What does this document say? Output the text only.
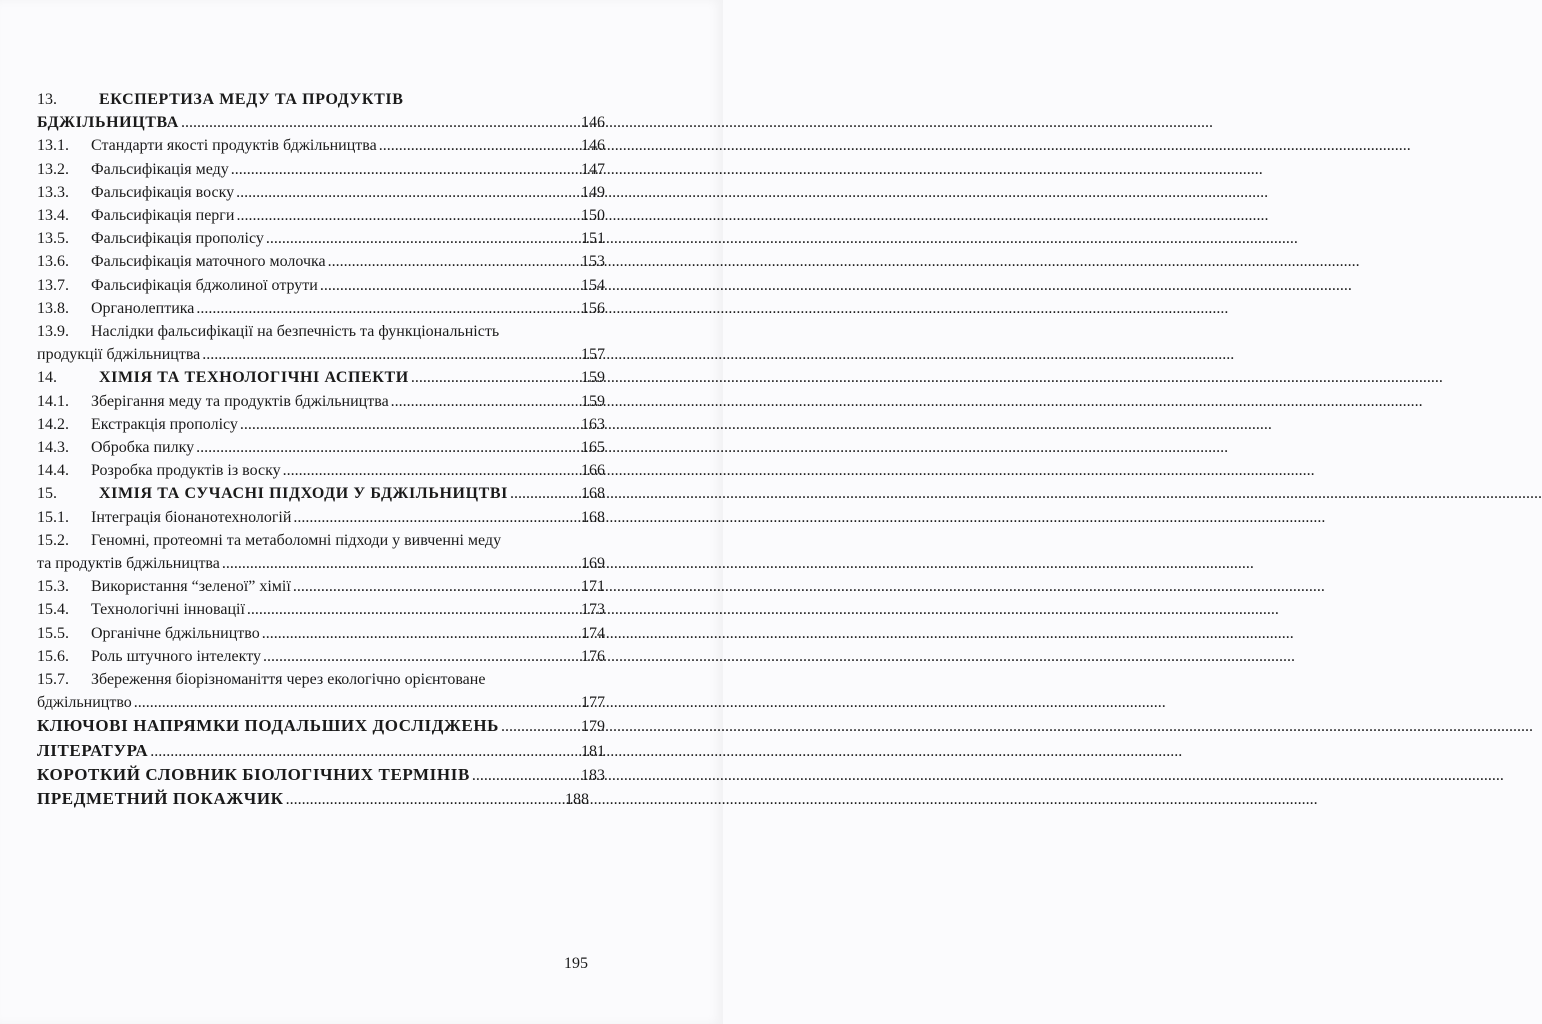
13.	ЕКСПЕРТИЗА МЕДУ ТА ПРОДУКТІВ
БДЖІЛЬНИЦТВА .....	146
13.1.	Стандарти якості продуктів бджільництва .....	146
13.2.	Фальсифікація меду .....	147
13.3.	Фальсифікація воску .....	149
13.4.	Фальсифікація перги .....	150
13.5.	Фальсифікація прополісу .....	151
13.6.	Фальсифікація маточного молочка .....	153
13.7.	Фальсифікація бджолиної отрути .....	154
13.8.	Органолептика .....	156
13.9.	Наслідки фальсифікації на безпечність та функціональність
продукції бджільництва .....	157
14.	ХІМІЯ ТА ТЕХНОЛОГІЧНІ АСПЕКТИ .....	159
14.1.	Зберігання меду та продуктів бджільництва .....	159
14.2.	Екстракція прополісу .....	163
14.3.	Обробка пилку .....	165
14.4.	Розробка продуктів із воску .....	166
15.	ХІМІЯ ТА СУЧАСНІ ПІДХОДИ У БДЖІЛЬНИЦТВІ .....	168
15.1.	Інтеграція біонанотехнологій .....	168
15.2.	Геномні, протеомні та метаболомні підходи у вивченні меду
та продуктів бджільництва .....	169
15.3.	Використання “зеленої” хімії .....	171
15.4.	Технологічні інновації .....	173
15.5.	Органічне бджільництво .....	174
15.6.	Роль штучного інтелекту .....	176
15.7.	Збереження біорізноманіття через екологічно орієнтоване
бджільництво .....	177
КЛЮЧОВІ НАПРЯМКИ ПОДАЛЬШИХ ДОСЛІДЖЕНЬ .....	179
ЛІТЕРАТУРА .....	181
КОРОТКИЙ СЛОВНИК БІОЛОГІЧНИХ ТЕРМІНІВ .....	183
ПРЕДМЕТНИЙ ПОКАЖЧИК .....	188
195
